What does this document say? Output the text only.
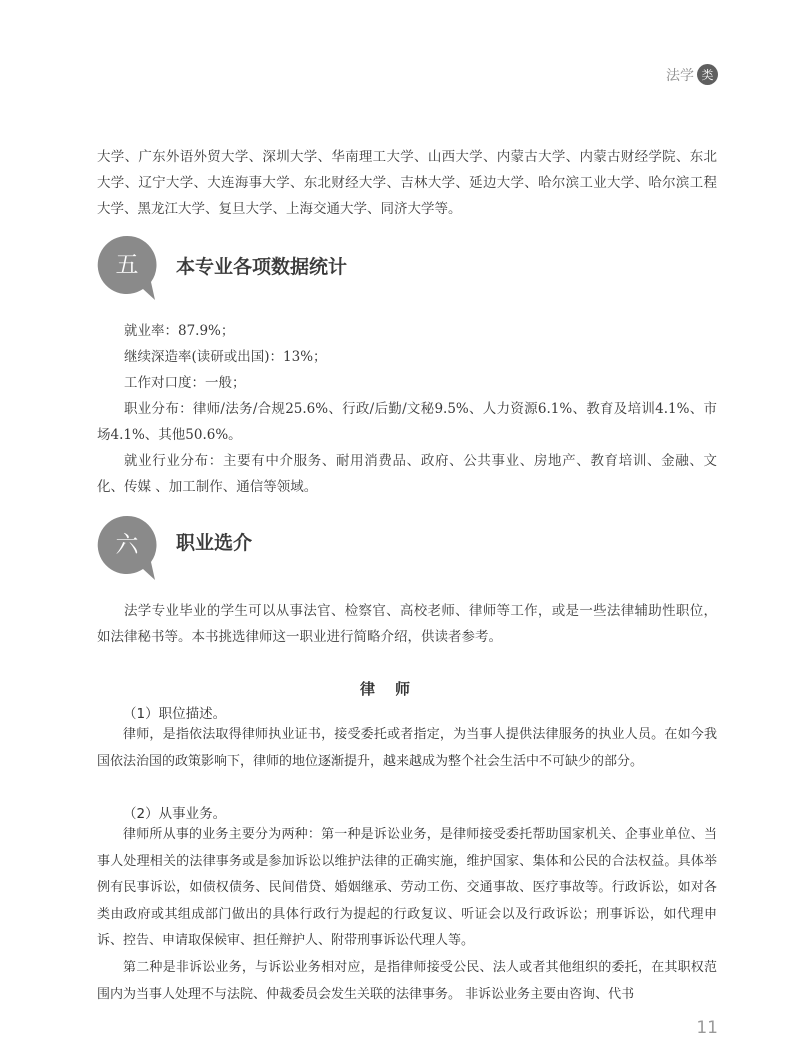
法学 类
大学、广东外语外贸大学、深圳大学、华南理工大学、山西大学、内蒙古大学、内蒙古财经学院、东北大学、辽宁大学、大连海事大学、东北财经大学、吉林大学、延边大学、哈尔滨工业大学、哈尔滨工程大学、黑龙江大学、复旦大学、上海交通大学、同济大学等。
五	本专业各项数据统计
就业率：87.9%；
继续深造率(读研或出国)：13%；
工作对口度：一般；
职业分布：律师/法务/合规25.6%、行政/后勤/文秘9.5%、人力资源6.1%、教育及培训4.1%、市场4.1%、其他50.6%。
就业行业分布：主要有中介服务、耐用消费品、政府、公共事业、房地产、教育培训、金融、文化、传媒 、加工制作、通信等领域。
六	职业选介
法学专业毕业的学生可以从事法官、检察官、高校老师、律师等工作，或是一些法律辅助性职位，如法律秘书等。本书挑选律师这一职业进行简略介绍，供读者参考。
律师
（1）职位描述。
律师，是指依法取得律师执业证书，接受委托或者指定，为当事人提供法律服务的执业人员。在如今我国依法治国的政策影响下，律师的地位逐渐提升，越来越成为整个社会生活中不可缺少的部分。
（2）从事业务。
律师所从事的业务主要分为两种：第一种是诉讼业务，是律师接受委托帮助国家机关、企事业单位、当事人处理相关的法律事务或是参加诉讼以维护法律的正确实施，维护国家、集体和公民的合法权益。具体举例有民事诉讼，如债权债务、民间借贷、婚姻继承、劳动工伤、交通事故、医疗事故等。行政诉讼，如对各类由政府或其组成部门做出的具体行政行为提起的行政复议、听证会以及行政诉讼；刑事诉讼，如代理申诉、控告、申请取保候审、担任辩护人、附带刑事诉讼代理人等。
第二种是非诉讼业务，与诉讼业务相对应，是指律师接受公民、法人或者其他组织的委托，在其职权范围内为当事人处理不与法院、仲裁委员会发生关联的法律事务。 非诉讼业务主要由咨询、代书
11
